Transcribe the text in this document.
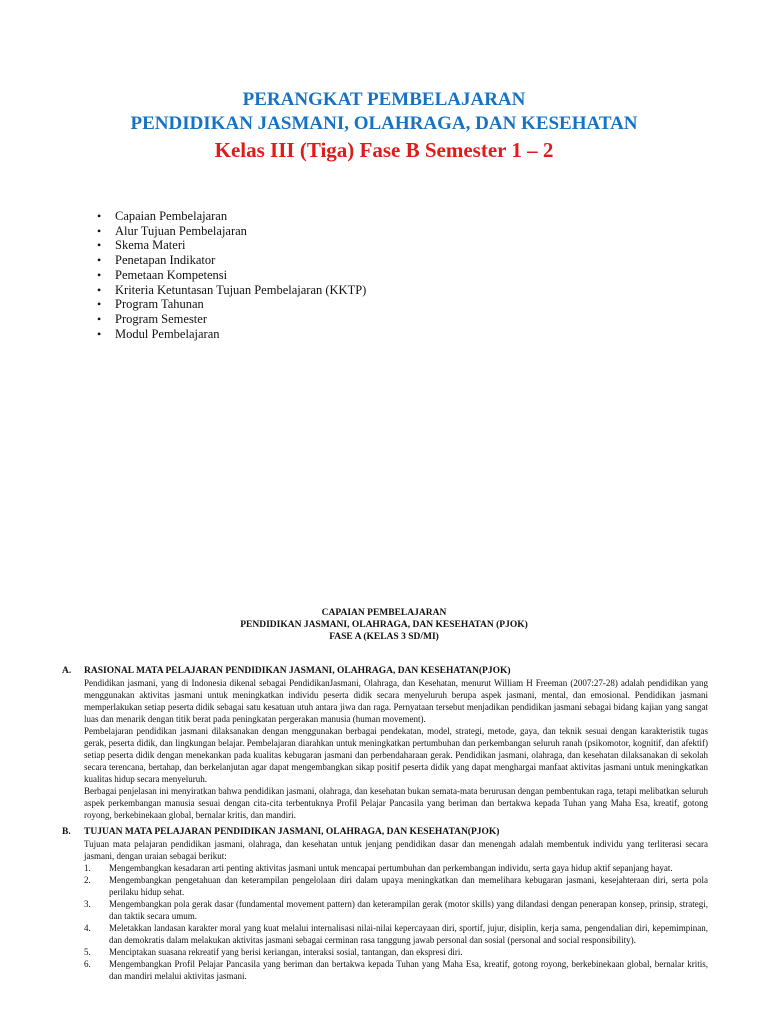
PERANGKAT PEMBELAJARAN
PENDIDIKAN JASMANI, OLAHRAGA, DAN KESEHATAN
Kelas III (Tiga) Fase B Semester 1 – 2
• Capaian Pembelajaran
• Alur Tujuan Pembelajaran
• Skema Materi
• Penetapan Indikator
• Pemetaan Kompetensi
• Kriteria Ketuntasan Tujuan Pembelajaran (KKTP)
• Program Tahunan
• Program Semester
• Modul Pembelajaran
CAPAIAN PEMBELAJARAN
PENDIDIKAN JASMANI, OLAHRAGA, DAN KESEHATAN (PJOK)
FASE A (KELAS 3 SD/MI)
A.	RASIONAL MATA PELAJARAN PENDIDIKAN JASMANI, OLAHRAGA, DAN KESEHATAN(PJOK)
Pendidikan jasmani, yang di Indonesia dikenal sebagai PendidikanJasmani, Olahraga, dan Kesehatan, menurut William H Freeman (2007:27-28) adalah pendidikan yang menggunakan aktivitas jasmani untuk meningkatkan individu peserta didik secara menyeluruh berupa aspek jasmani, mental, dan emosional. Pendidikan jasmani memperlakukan setiap peserta didik sebagai satu kesatuan utuh antara jiwa dan raga. Pernyataan tersebut menjadikan pendidikan jasmani sebagai bidang kajian yang sangat luas dan menarik dengan titik berat pada peningkatan pergerakan manusia (human movement).
Pembelajaran pendidikan jasmani dilaksanakan dengan menggunakan berbagai pendekatan, model, strategi, metode, gaya, dan teknik sesuai dengan karakteristik tugas gerak, peserta didik, dan lingkungan belajar. Pembelajaran diarahkan untuk meningkatkan pertumbuhan dan perkembangan seluruh ranah (psikomotor, kognitif, dan afektif) setiap peserta didik dengan menekankan pada kualitas kebugaran jasmani dan perbendaharaan gerak. Pendidikan jasmani, olahraga, dan kesehatan dilaksanakan di sekolah secara terencana, bertahap, dan berkelanjutan agar dapat mengembangkan sikap positif peserta didik yang dapat menghargai manfaat aktivitas jasmani untuk meningkatkan kualitas hidup secara menyeluruh.
Berbagai penjelasan ini menyiratkan bahwa pendidikan jasmani, olahraga, dan kesehatan bukan semata-mata berurusan dengan pembentukan raga, tetapi melibatkan seluruh aspek perkembangan manusia sesuai dengan cita-cita terbentuknya Profil Pelajar Pancasila yang beriman dan bertakwa kepada Tuhan yang Maha Esa, kreatif, gotong royong, berkebinekaan global, bernalar kritis, dan mandiri.
B.	TUJUAN MATA PELAJARAN PENDIDIKAN JASMANI, OLAHRAGA, DAN KESEHATAN(PJOK)
Tujuan mata pelajaran pendidikan jasmani, olahraga, dan kesehatan untuk jenjang pendidikan dasar dan menengah adalah membentuk individu yang terliterasi secara jasmani, dengan uraian sebagai berikut:
1.	Mengembangkan kesadaran arti penting aktivitas jasmani untuk mencapai pertumbuhan dan perkembangan individu, serta gaya hidup aktif sepanjang hayat.
2.	Mengembangkan pengetahuan dan keterampilan pengelolaan diri dalam upaya meningkatkan dan memelihara kebugaran jasmani, kesejahteraan diri, serta pola perilaku hidup sehat.
3.	Mengembangkan pola gerak dasar (fundamental movement pattern) dan keterampilan gerak (motor skills) yang dilandasi dengan penerapan konsep, prinsip, strategi, dan taktik secara umum.
4.	Meletakkan landasan karakter moral yang kuat melalui internalisasi nilai-nilai kepercayaan diri, sportif, jujur, disiplin, kerja sama, pengendalian diri, kepemimpinan, dan demokratis dalam melakukan aktivitas jasmani sebagai cerminan rasa tanggung jawab personal dan sosial (personal and social responsibility).
5.	Menciptakan suasana rekreatif yang berisi keriangan, interaksi sosial, tantangan, dan ekspresi diri.
6.	Mengembangkan Profil Pelajar Pancasila yang beriman dan bertakwa kepada Tuhan yang Maha Esa, kreatif, gotong royong, berkebinekaan global, bernalar kritis, dan mandiri melalui aktivitas jasmani.
